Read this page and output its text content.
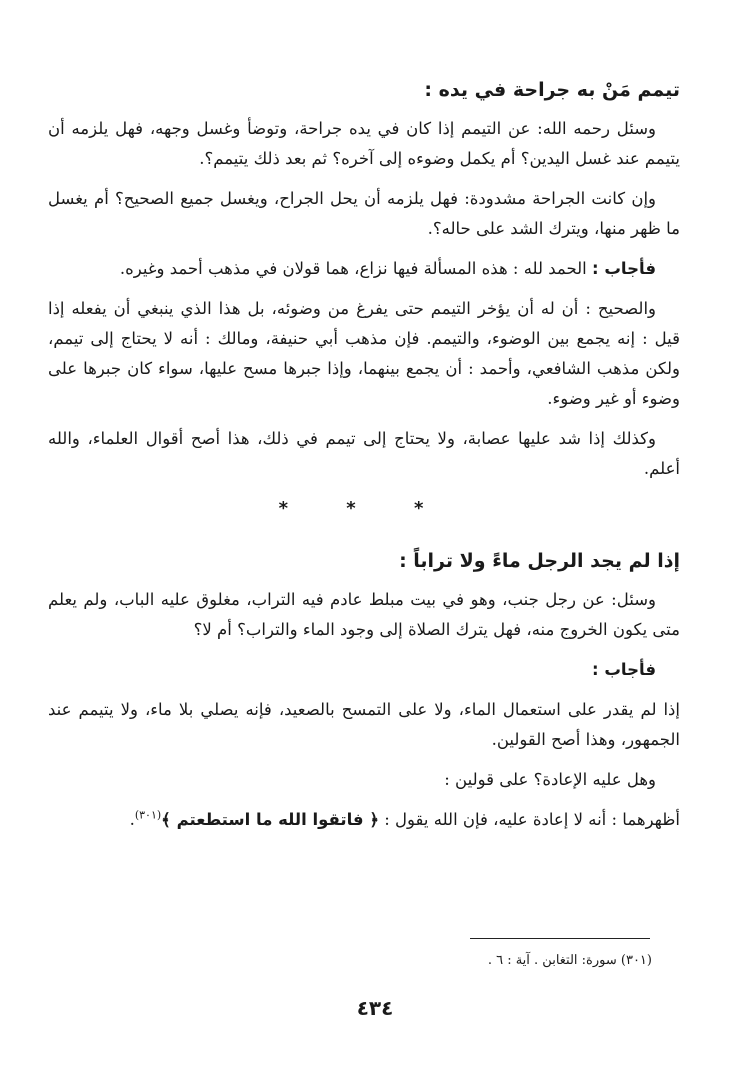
تيمم مَنْ به جراحة في يده :

وسئل رحمه الله: عن التيمم إذا كان في يده جراحة، وتوضأ وغسل وجهه، فهل يلزمه أن يتيمم عند غسل اليدين؟ أم يكمل وضوءه إلى آخره؟ ثم بعد ذلك يتيمم؟.

وإن كانت الجراحة مشدودة: فهل يلزمه أن يحل الجراح، ويغسل جميع الصحيح؟ أم يغسل ما ظهر منها، ويترك الشد على حاله؟.

فأجاب : الحمد لله : هذه المسألة فيها نزاع، هما قولان في مذهب أحمد وغيره.

والصحيح : أن له أن يؤخر التيمم حتى يفرغ من وضوئه، بل هذا الذي ينبغي أن يفعله إذا قيل : إنه يجمع بين الوضوء، والتيمم. فإن مذهب أبي حنيفة، ومالك : أنه لا يحتاج إلى تيمم، ولكن مذهب الشافعي، وأحمد : أن يجمع بينهما، وإذا جبرها مسح عليها، سواء كان جبرها على وضوء أو غير وضوء.

وكذلك إذا شد عليها عصابة، ولا يحتاج إلى تيمم في ذلك، هذا أصح أقوال العلماء، والله أعلم.

* * *
إذا لم يجد الرجل ماءً ولا تراباً :

وسئل: عن رجل جنب، وهو في بيت مبلط عادم فيه التراب، مغلوق عليه الباب، ولم يعلم متى يكون الخروج منه، فهل يترك الصلاة إلى وجود الماء والتراب؟ أم لا؟

فأجاب :

إذا لم يقدر على استعمال الماء، ولا على التمسح بالصعيد، فإنه يصلي بلا ماء، ولا يتيمم عند الجمهور، وهذا أصح القولين.

وهل عليه الإعادة؟ على قولين :

أظهرهما : أنه لا إعادة عليه، فإن الله يقول : ﴿ فاتقوا الله ما استطعتم ﴾$^{(٣٠١)}$.

(٣٠١) سورة: التغابن . آية : ٦ .
٤٣٤
